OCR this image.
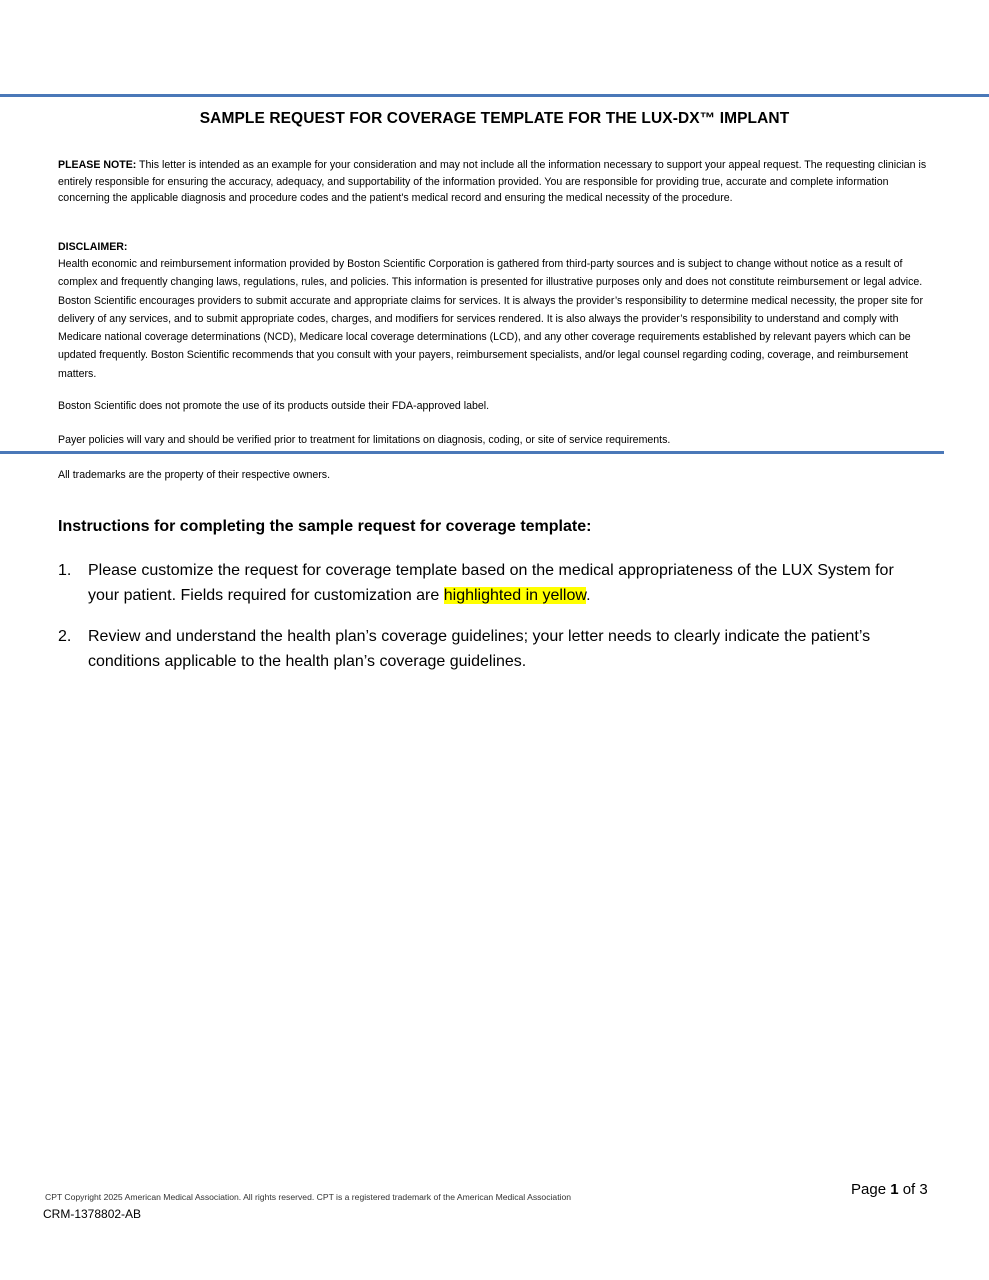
SAMPLE REQUEST FOR COVERAGE TEMPLATE FOR THE LUX-DX™ IMPLANT
PLEASE NOTE: This letter is intended as an example for your consideration and may not include all the information necessary to support your appeal request. The requesting clinician is entirely responsible for ensuring the accuracy, adequacy, and supportability of the information provided. You are responsible for providing true, accurate and complete information concerning the applicable diagnosis and procedure codes and the patient's medical record and ensuring the medical necessity of the procedure.
DISCLAIMER:
Health economic and reimbursement information provided by Boston Scientific Corporation is gathered from third-party sources and is subject to change without notice as a result of complex and frequently changing laws, regulations, rules, and policies. This information is presented for illustrative purposes only and does not constitute reimbursement or legal advice. Boston Scientific encourages providers to submit accurate and appropriate claims for services. It is always the provider’s responsibility to determine medical necessity, the proper site for delivery of any services, and to submit appropriate codes, charges, and modifiers for services rendered. It is also always the provider’s responsibility to understand and comply with Medicare national coverage determinations (NCD), Medicare local coverage determinations (LCD), and any other coverage requirements established by relevant payers which can be updated frequently. Boston Scientific recommends that you consult with your payers, reimbursement specialists, and/or legal counsel regarding coding, coverage, and reimbursement matters.
Boston Scientific does not promote the use of its products outside their FDA-approved label.
Payer policies will vary and should be verified prior to treatment for limitations on diagnosis, coding, or site of service requirements.
All trademarks are the property of their respective owners.
Instructions for completing the sample request for coverage template:
1. Please customize the request for coverage template based on the medical appropriateness of the LUX System for your patient. Fields required for customization are highlighted in yellow.
2. Review and understand the health plan’s coverage guidelines; your letter needs to clearly indicate the patient’s conditions applicable to the health plan’s coverage guidelines.
CPT Copyright 2025 American Medical Association. All rights reserved. CPT is a registered trademark of the American Medical Association
CRM-1378802-AB
Page 1 of 3
